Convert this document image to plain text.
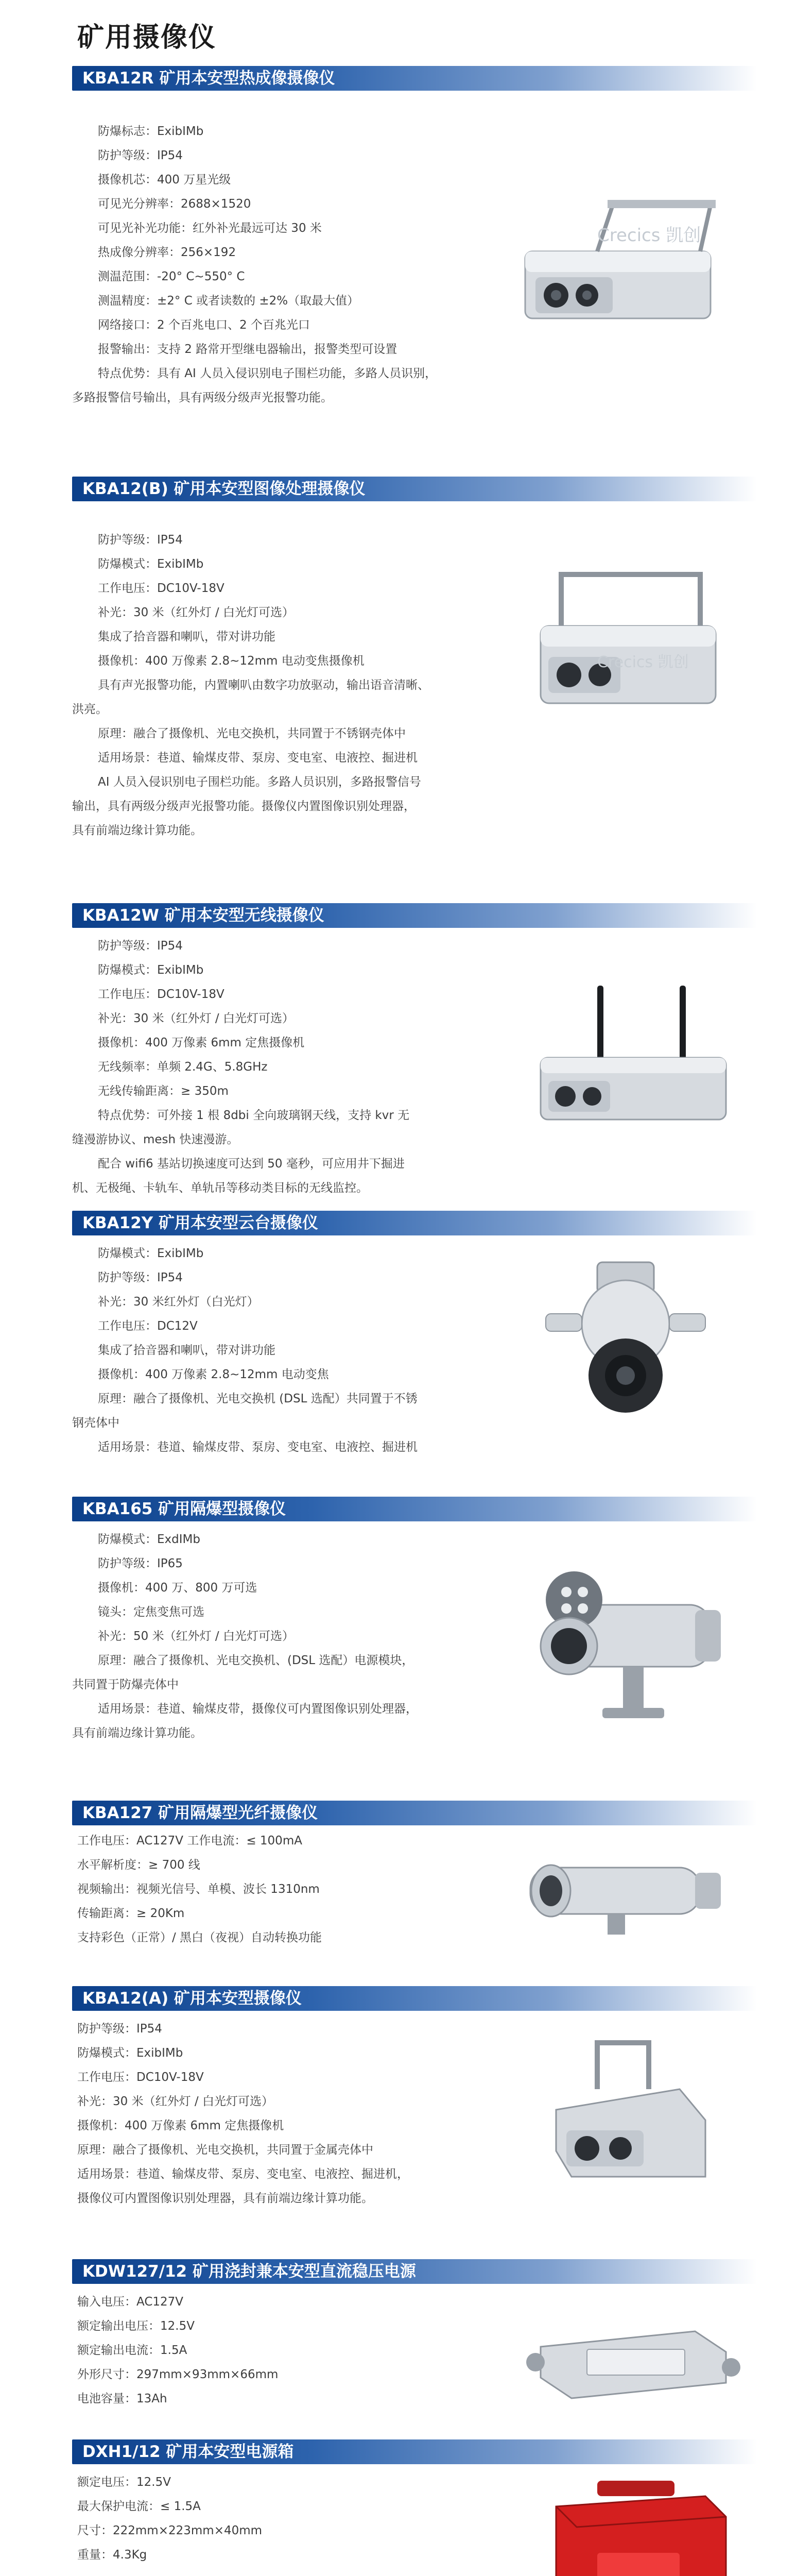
矿用摄像仪
KBA12R 矿用本安型热成像摄像仪
防爆标志：ExibIMb
防护等级：IP54
摄像机芯：400 万星光级
可见光分辨率：2688×1520
可见光补光功能：红外补光最远可达 30 米
热成像分辨率：256×192
测温范围：-20° C~550° C
测温精度：±2° C 或者读数的 ±2%（取最大值）
网络接口：2 个百兆电口、2 个百兆光口
报警输出：支持 2 路常开型继电器输出，报警类型可设置
特点优势：具有 AI 人员入侵识别电子围栏功能，多路人员识别，
多路报警信号输出，具有两级分级声光报警功能。
Crecics 凯创
KBA12(B) 矿用本安型图像处理摄像仪
防护等级：IP54
防爆模式：ExibIMb
工作电压：DC10V-18V
补光：30 米（红外灯 / 白光灯可选）
集成了拾音器和喇叭，带对讲功能
摄像机：400 万像素 2.8~12mm 电动变焦摄像机
具有声光报警功能，内置喇叭由数字功放驱动，输出语音清晰、
洪亮。
原理：融合了摄像机、光电交换机，共同置于不锈钢壳体中
适用场景：巷道、输煤皮带、泵房、变电室、电液控、掘进机
AI 人员入侵识别电子围栏功能。多路人员识别，多路报警信号
输出，具有两级分级声光报警功能。摄像仪内置图像识别处理器，
具有前端边缘计算功能。
Crecics 凯创
KBA12W 矿用本安型无线摄像仪
防护等级：IP54
防爆模式：ExibIMb
工作电压：DC10V-18V
补光：30 米（红外灯 / 白光灯可选）
摄像机：400 万像素 6mm 定焦摄像机
无线频率：单频 2.4G、5.8GHz
无线传输距离：≥ 350m
特点优势：可外接 1 根 8dbi 全向玻璃钢天线，支持 kvr 无
缝漫游协议、mesh 快速漫游。
配合 wifi6 基站切换速度可达到 50 毫秒，可应用井下掘进
机、无极绳、卡轨车、单轨吊等移动类目标的无线监控。
KBA12Y 矿用本安型云台摄像仪
防爆模式：ExibIMb
防护等级：IP54
补光：30 米红外灯（白光灯）
工作电压：DC12V
集成了拾音器和喇叭，带对讲功能
摄像机：400 万像素 2.8~12mm 电动变焦
原理：融合了摄像机、光电交换机 (DSL 选配）共同置于不锈
钢壳体中
适用场景：巷道、输煤皮带、泵房、变电室、电液控、掘进机
KBA165 矿用隔爆型摄像仪
防爆模式：ExdIMb
防护等级：IP65
摄像机：400 万、800 万可选
镜头：定焦变焦可选
补光：50 米（红外灯 / 白光灯可选）
原理：融合了摄像机、光电交换机、(DSL 选配）电源模块，
共同置于防爆壳体中
适用场景：巷道、输煤皮带，摄像仪可内置图像识别处理器，
具有前端边缘计算功能。
KBA127 矿用隔爆型光纤摄像仪
工作电压：AC127V 工作电流：≤ 100mA
水平解析度：≥ 700 线
视频输出：视频光信号、单模、波长 1310nm
传输距离：≥ 20Km
支持彩色（正常）/ 黑白（夜视）自动转换功能
KBA12(A) 矿用本安型摄像仪
防护等级：IP54
防爆模式：ExibIMb
工作电压：DC10V-18V
补光：30 米（红外灯 / 白光灯可选）
摄像机：400 万像素 6mm 定焦摄像机
原理：融合了摄像机、光电交换机，共同置于金属壳体中
适用场景：巷道、输煤皮带、泵房、变电室、电液控、掘进机，
摄像仪可内置图像识别处理器，具有前端边缘计算功能。
KDW127/12 矿用浇封兼本安型直流稳压电源
输入电压：AC127V
额定输出电压：12.5V
额定输出电流：1.5A
外形尺寸：297mm×93mm×66mm
电池容量：13Ah
DXH1/12 矿用本安型电源箱
额定电压：12.5V
最大保护电流：≤ 1.5A
尺寸：222mm×223mm×40mm
重量：4.3Kg
